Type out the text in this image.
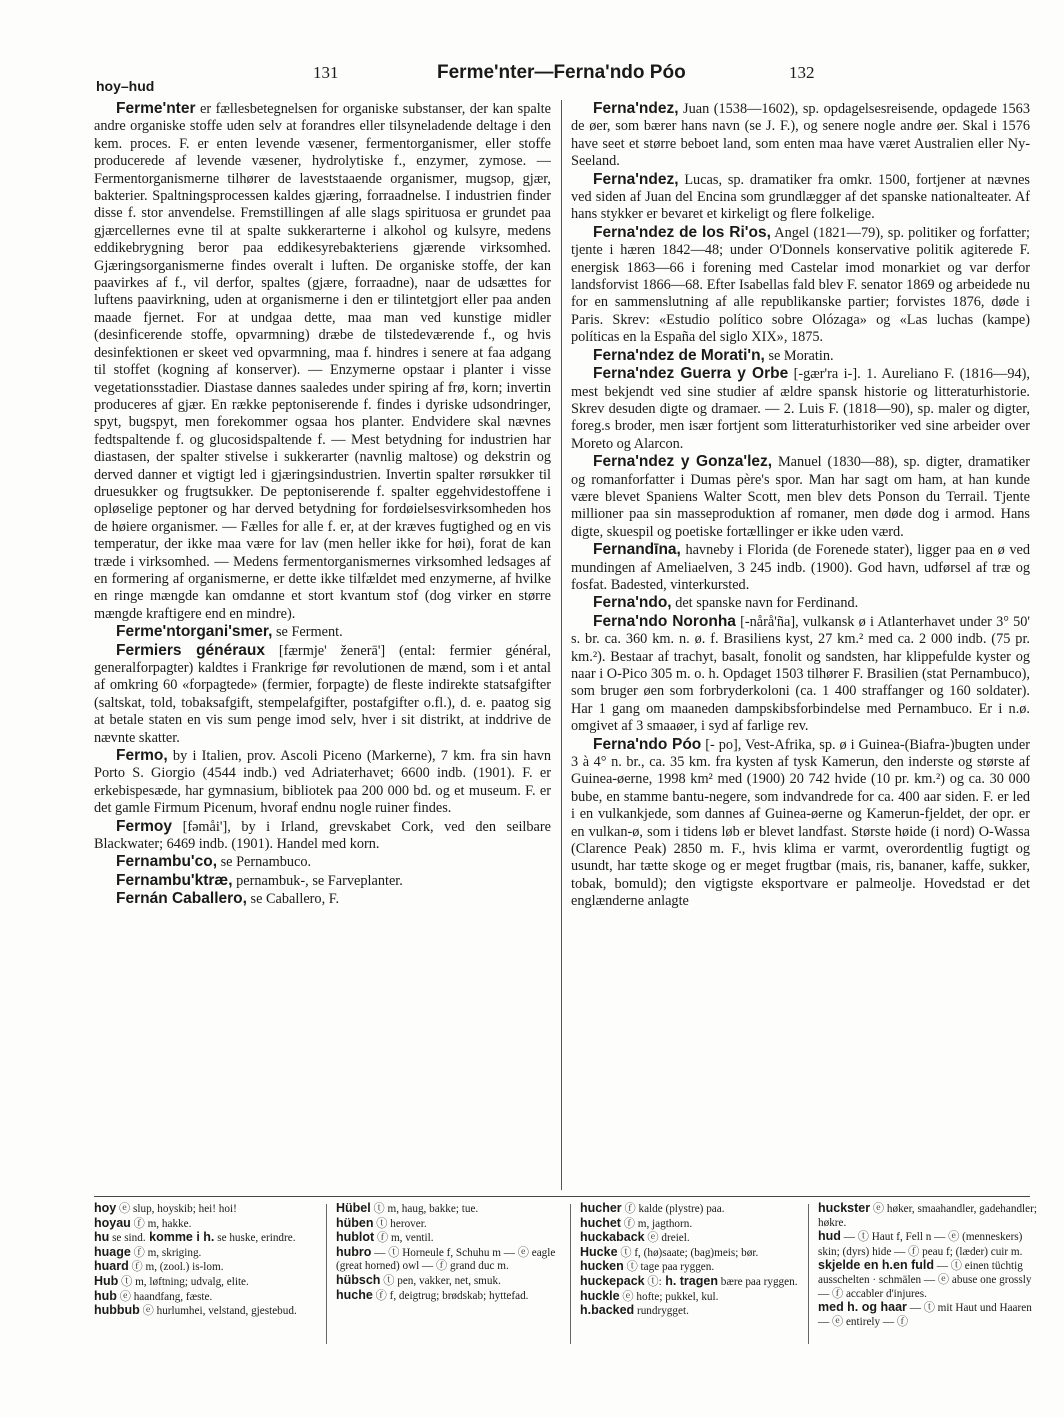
hoy–hud
131	Ferme'nter—Ferna'ndo Póo	132

Ferme'nter er fællesbetegnelsen for organiske substanser, der kan spalte andre organiske stoffe uden selv at forandres eller tilsyneladende deltage i den kem. proces. F. er enten levende væsener, fermentorganismer, eller stoffe producerede af levende væsener, hydrolytiske f., enzymer, zymose. — Fermentorganismerne tilhører de laveststaaende organismer, mugsop, gjær, bakterier. Spaltningsprocessen kaldes gjæring, forraadnelse. I industrien finder disse f. stor anvendelse. Fremstillingen af alle slags spirituosa er grundet paa gjærcellernes evne til at spalte sukkerarterne i alkohol og kulsyre, medens eddikebrygning beror paa eddikesyrebakteriens gjærende virksomhed. Gjæringsorganismerne findes overalt i luften. De organiske stoffe, der kan paavirkes af f., vil derfor, spaltes (gjære, forraadne), naar de udsættes for luftens paavirkning, uden at organismerne i den er tilintetgjort eller paa anden maade fjernet. For at undgaa dette, maa man ved kunstige midler (desinficerende stoffe, opvarmning) dræbe de tilstedeværende f., og hvis desinfektionen er skeet ved opvarmning, maa f. hindres i senere at faa adgang til stoffet (kogning af konserver). — Enzymerne opstaar i planter i visse vegetationsstadier. Diastase dannes saaledes under spiring af frø, korn; invertin produceres af gjær. En række peptoniserende f. findes i dyriske udsondringer, spyt, bugspyt, men forekommer ogsaa hos planter. Endvidere skal nævnes fedtspaltende f. og glucosidspaltende f. — Mest betydning for industrien har diastasen, der spalter stivelse i sukkerarter (navnlig maltose) og dekstrin og derved danner et vigtigt led i gjæringsindustrien. Invertin spalter rørsukker til druesukker og frugtsukker. De peptoniserende f. spalter eggehvidestoffene i opløselige peptoner og har derved betydning for fordøielsesvirksomheden hos de høiere organismer. — Fælles for alle f. er, at der kræves fugtighed og en vis temperatur, der ikke maa være for lav (men heller ikke for høi), forat de kan træde i virksomhed. — Medens fermentorganismernes virksomhed ledsages af en formering af organismerne, er dette ikke tilfældet med enzymerne, af hvilke en ringe mængde kan omdanne et stort kvantum stof (dog virker en større mængde kraftigere end en mindre).

Ferme'ntorgani'smer, se Ferment.

Fermiers généraux [færmje' ženerā'] (ental: fermier général, generalforpagter) kaldtes i Frankrige før revolutionen de mænd, som i et antal af omkring 60 «forpagtede» (fermier, forpagte) de fleste indirekte statsafgifter (saltskat, told, tobaksafgift, stempelafgifter, postafgifter o.fl.), d. e. paatog sig at betale staten en vis sum penge imod selv, hver i sit distrikt, at inddrive de nævnte skatter.

Fermo, by i Italien, prov. Ascoli Piceno (Markerne), 7 km. fra sin havn Porto S. Giorgio (4544 indb.) ved Adriaterhavet; 6600 indb. (1901). F. er erkebispesæde, har gymnasium, bibliotek paa 200 000 bd. og et museum. F. er det gamle Firmum Picenum, hvoraf endnu nogle ruiner findes.

Fermoy [fəmåi'], by i Irland, grevskabet Cork, ved den seilbare Blackwater; 6469 indb. (1901). Handel med korn.

Fernambu'co, se Pernambuco.

Fernambu'ktræ, pernambuk-, se Farveplanter.

Fernán Caballero, se Caballero, F.

Ferna'ndez, Juan (1538—1602), sp. opdagelsesreisende, opdagede 1563 de øer, som bærer hans navn (se J. F.), og senere nogle andre øer. Skal i 1576 have seet et større beboet land, som enten maa have været Australien eller Ny-Seeland.

Ferna'ndez, Lucas, sp. dramatiker fra omkr. 1500, fortjener at nævnes ved siden af Juan del Encina som grundlægger af det spanske nationalteater. Af hans stykker er bevaret et kirkeligt og flere folkelige.

Ferna'ndez de los Ri'os, Angel (1821—79), sp. politiker og forfatter; tjente i hæren 1842—48; under O'Donnels konservative politik agiterede F. energisk 1863—66 i forening med Castelar imod monarkiet og var derfor landsforvist 1866—68. Efter Isabellas fald blev F. senator 1869 og arbeidede nu for en sammenslutning af alle republikanske partier; forvistes 1876, døde i Paris. Skrev: «Estudio político sobre Olózaga» og «Las luchas (kampe) políticas en la España del siglo XIX», 1875.

Ferna'ndez de Morati'n, se Moratin.

Ferna'ndez Guerra y Orbe [-gær'ra i-]. 1. Aureliano F. (1816—94), mest bekjendt ved sine studier af ældre spansk historie og litteraturhistorie. Skrev desuden digte og dramaer. — 2. Luis F. (1818—90), sp. maler og digter, foreg.s broder, men især fortjent som litteraturhistoriker ved sine arbeider over Moreto og Alarcon.

Ferna'ndez y Gonza'lez, Manuel (1830—88), sp. digter, dramatiker og romanforfatter i Dumas père's spor. Man har sagt om ham, at han kunde være blevet Spaniens Walter Scott, men blev dets Ponson du Terrail. Tjente millioner paa sin masseproduktion af romaner, men døde dog i armod. Hans digte, skuespil og poetiske fortællinger er ikke uden værd.

Fernandīna, havneby i Florida (de Forenede stater), ligger paa en ø ved mundingen af Ameliaelven, 3 245 indb. (1900). God havn, udførsel af træ og fosfat. Badested, vinterkursted.

Ferna'ndo, det spanske navn for Ferdinand.

Ferna'ndo Noronha [-nårå'ña], vulkansk ø i Atlanterhavet under 3° 50' s. br. ca. 360 km. n. ø. f. Brasiliens kyst, 27 km.² med ca. 2 000 indb. (75 pr. km.²). Bestaar af trachyt, basalt, fonolit og sandsten, har klippefulde kyster og naar i O-Pico 305 m. o. h. Opdaget 1503 tilhører F. Brasilien (stat Pernambuco), som bruger øen som forbryderkoloni (ca. 1 400 straffanger og 160 soldater). Har 1 gang om maaneden dampskibsforbindelse med Pernambuco. Er i n.ø. omgivet af 3 smaaøer, i syd af farlige rev.

Ferna'ndo Póo [- po], Vest-Afrika, sp. ø i Guinea-(Biafra-)bugten under 3 à 4° n. br., ca. 35 km. fra kysten af tysk Kamerun, den inderste og største af Guinea-øerne, 1998 km² med (1900) 20 742 hvide (10 pr. km.²) og ca. 30 000 bube, en stamme bantu-negere, som indvandrede for ca. 400 aar siden. F. er led i en vulkankjede, som dannes af Guinea-øerne og Kamerun-fjeldet, der opr. er en vulkan-ø, som i tidens løb er blevet landfast. Største høide (i nord) O-Wassa (Clarence Peak) 2850 m. F., hvis klima er varmt, overordentlig fugtigt og usundt, har tætte skoge og er meget frugtbar (mais, ris, bananer, kaffe, sukker, tobak, bomuld); den vigtigste eksportvare er palmeolje. Hovedstad er det englænderne anlagte

hoy ⓔ slup, hoyskib; hei! hoi!

hoyau ⓕ m, hakke.

hu se sind. komme i h. se huske, erindre.

huage ⓕ m, skriging.

huard ⓕ m, (zool.) is-lom.

Hub ⓣ m, løftning; udvalg, elite.

hub ⓔ haandfang, fæste.

hubbub ⓔ hurlumhei, velstand, gjestebud.

Hübel ⓣ m, haug, bakke; tue.

hüben ⓣ herover.

hublot ⓕ m, ventil.

hubro — ⓣ Horneule f, Schuhu m — ⓔ eagle (great horned) owl — ⓕ grand duc m.

hübsch ⓣ pen, vakker, net, smuk.

huche ⓕ f, deigtrug; brødskab; hyttefad.

hucher ⓕ kalde (plystre) paa.

huchet ⓕ m, jagthorn.

huckaback ⓔ dreiel.

Hucke ⓣ f, (hø)saate; (bag)meis; bør.

hucken ⓣ tage paa ryggen.

huckepack ⓣ: h. tragen bære paa ryggen.

huckle ⓔ hofte; pukkel, kul.

h.backed rundrygget.

huckster ⓔ høker, smaahandler, gadehandler; høkre.

hud — ⓣ Haut f, Fell n — ⓔ (menneskers) skin; (dyrs) hide — ⓕ peau f; (læder) cuir m. skjelde en h.en fuld — ⓣ einen tüchtig ausschelten · schmälen — ⓔ abuse one grossly — ⓕ accabler d'injures.

med h. og haar — ⓣ mit Haut und Haaren — ⓔ entirely — ⓕ
